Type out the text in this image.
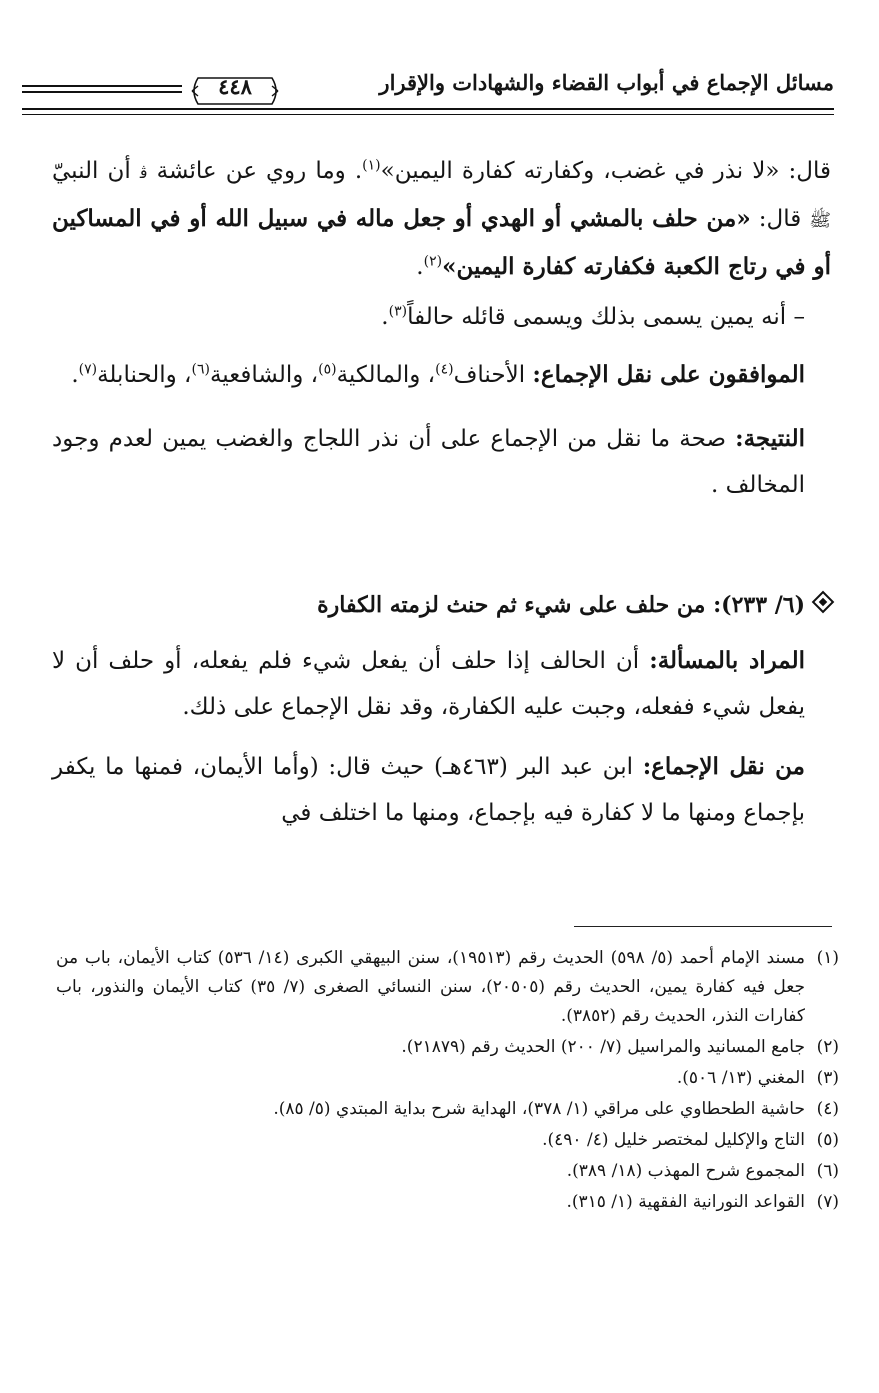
مسائل الإجماع في أبواب القضاء والشهادات والإقرار
٤٤٨

قال: «لا نذر في غضب، وكفارته كفارة اليمين»$^{(١)}$. وما روي عن عائشة ﭬ أن النبيّ ﷺ قال: «من حلف بالمشي أو الهدي أو جعل ماله في سبيل الله أو في المساكين أو في رتاج الكعبة فكفارته كفارة اليمين»$^{(٢)}$.

– أنه يمين يسمى بذلك ويسمى قائله حالفاً$^{(٣)}$.

الموافقون على نقل الإجماع: الأحناف$^{(٤)}$، والمالكية$^{(٥)}$، والشافعية$^{(٦)}$، والحنابلة$^{(٧)}$.

النتيجة: صحة ما نقل من الإجماع على أن نذر اللجاج والغضب يمين لعدم وجود المخالف .

(٦/ ٢٣٣): من حلف على شيء ثم حنث لزمته الكفارة

المراد بالمسألة: أن الحالف إذا حلف أن يفعل شيء فلم يفعله، أو حلف أن لا يفعل شيء ففعله، وجبت عليه الكفارة، وقد نقل الإجماع على ذلك.

من نقل الإجماع: ابن عبد البر (٤٦٣هـ) حيث قال: (وأما الأيمان، فمنها ما يكفر بإجماع ومنها ما لا كفارة فيه بإجماع، ومنها ما اختلف في

(١)
مسند الإمام أحمد (٥/ ٥٩٨) الحديث رقم (١٩٥١٣)، سنن البيهقي الكبرى (١٤/ ٥٣٦) كتاب الأيمان، باب من جعل فيه كفارة يمين، الحديث رقم (٢٠٥٠٥)، سنن النسائي الصغرى (٧/ ٣٥) كتاب الأيمان والنذور، باب كفارات النذر، الحديث رقم (٣٨٥٢).
(٢)
جامع المسانيد والمراسيل (٧/ ٢٠٠) الحديث رقم (٢١٨٧٩).
(٣)
المغني (١٣/ ٥٠٦).
(٤)
حاشية الطحطاوي على مراقي (١/ ٣٧٨)، الهداية شرح بداية المبتدي (٥/ ٨٥).
(٥)
التاج والإكليل لمختصر خليل (٤/ ٤٩٠).
(٦)
المجموع شرح المهذب (١٨/ ٣٨٩).
(٧)
القواعد النورانية الفقهية (١/ ٣١٥).
